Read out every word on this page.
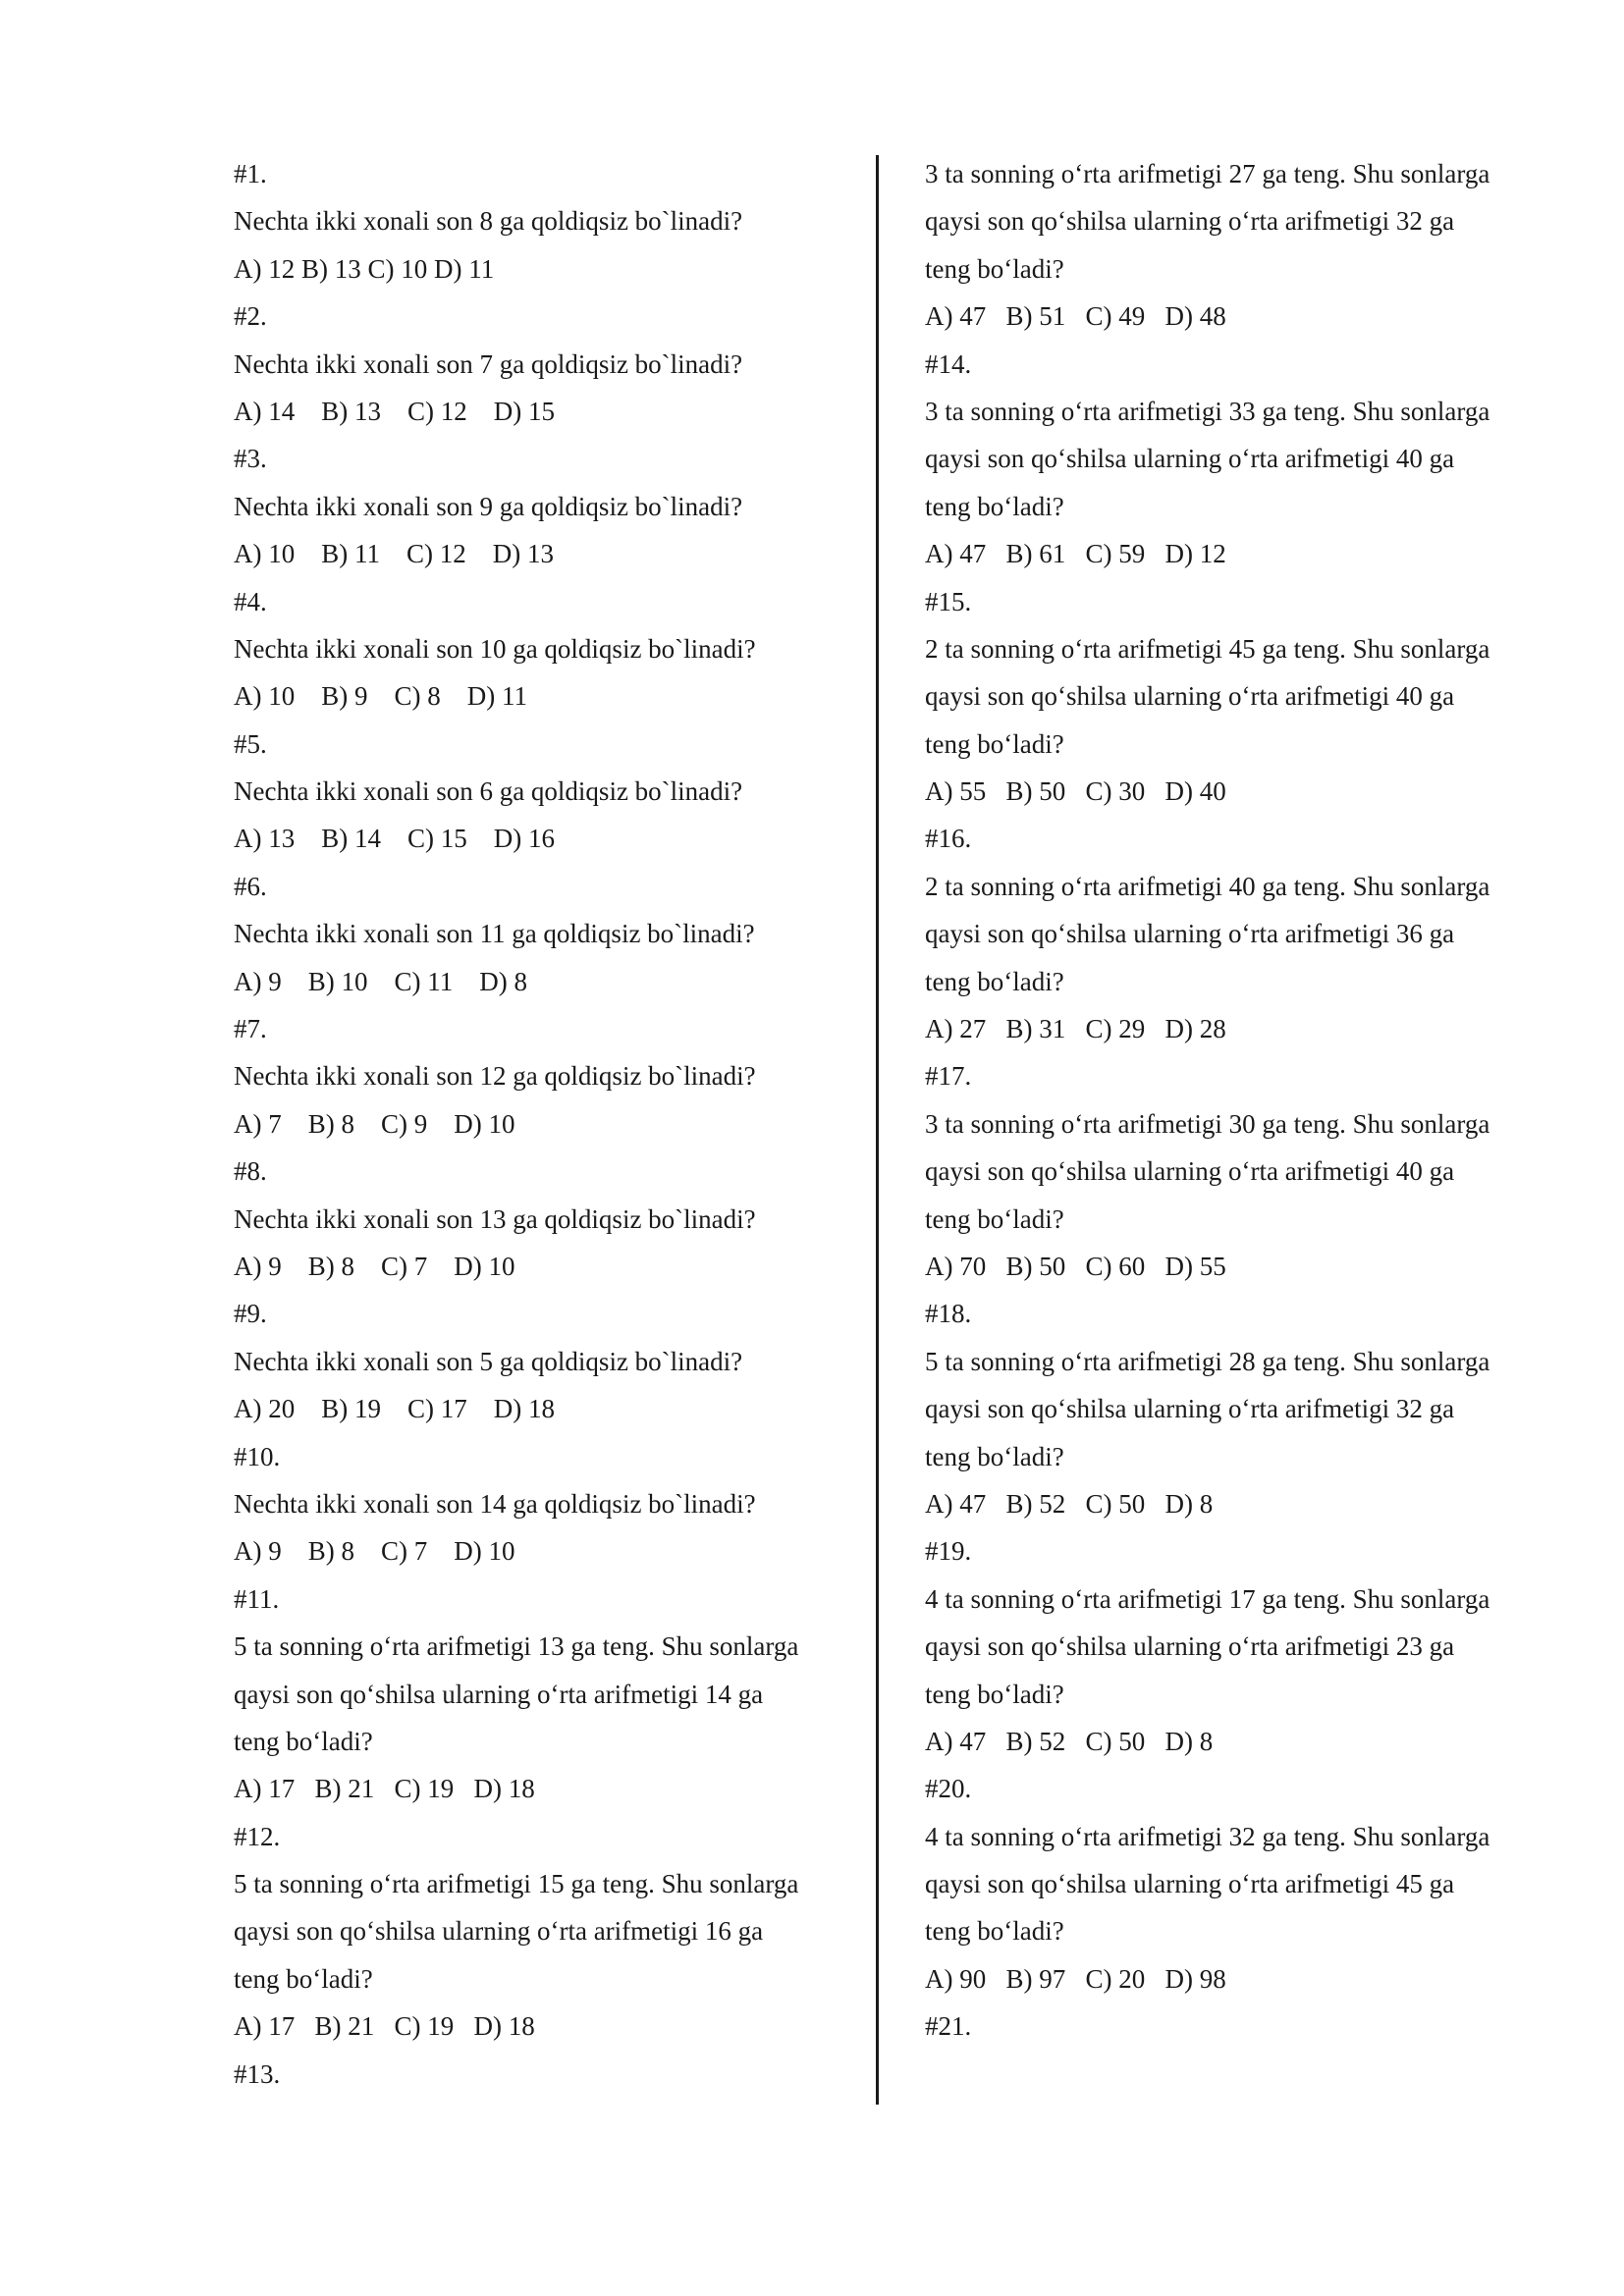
#1.
Nechta ikki xonali son 8 ga qoldiqsiz bo`linadi?
A) 12 B) 13 C) 10 D) 11
#2.
Nechta ikki xonali son 7 ga qoldiqsiz bo`linadi?
A) 14    B) 13    C) 12    D) 15
#3.
Nechta ikki xonali son 9 ga qoldiqsiz bo`linadi?
A) 10    B) 11    C) 12    D) 13
#4.
Nechta ikki xonali son 10 ga qoldiqsiz bo`linadi?
A) 10    B) 9    C) 8    D) 11
#5.
Nechta ikki xonali son 6 ga qoldiqsiz bo`linadi?
A) 13    B) 14    C) 15    D) 16
#6.
Nechta ikki xonali son 11 ga qoldiqsiz bo`linadi?
A) 9    B) 10    C) 11    D) 8
#7.
Nechta ikki xonali son 12 ga qoldiqsiz bo`linadi?
A) 7    B) 8    C) 9    D) 10
#8.
Nechta ikki xonali son 13 ga qoldiqsiz bo`linadi?
A) 9    B) 8    C) 7    D) 10
#9.
Nechta ikki xonali son 5 ga qoldiqsiz bo`linadi?
A) 20    B) 19    C) 17    D) 18
#10.
Nechta ikki xonali son 14 ga qoldiqsiz bo`linadi?
A) 9    B) 8    C) 7    D) 10
#11.
5 ta sonning o‘rta arifmetigi 13 ga teng. Shu sonlarga
qaysi son qo‘shilsa ularning o‘rta arifmetigi 14 ga
teng bo‘ladi?
A) 17   B) 21   C) 19   D) 18
#12.
5 ta sonning o‘rta arifmetigi 15 ga teng. Shu sonlarga
qaysi son qo‘shilsa ularning o‘rta arifmetigi 16 ga
teng bo‘ladi?
A) 17   B) 21   C) 19   D) 18
#13.
3 ta sonning o‘rta arifmetigi 27 ga teng. Shu sonlarga
qaysi son qo‘shilsa ularning o‘rta arifmetigi 32 ga
teng bo‘ladi?
A) 47   B) 51   C) 49   D) 48
#14.
3 ta sonning o‘rta arifmetigi 33 ga teng. Shu sonlarga
qaysi son qo‘shilsa ularning o‘rta arifmetigi 40 ga
teng bo‘ladi?
A) 47   B) 61   C) 59   D) 12
#15.
2 ta sonning o‘rta arifmetigi 45 ga teng. Shu sonlarga
qaysi son qo‘shilsa ularning o‘rta arifmetigi 40 ga
teng bo‘ladi?
A) 55   B) 50   C) 30   D) 40
#16.
2 ta sonning o‘rta arifmetigi 40 ga teng. Shu sonlarga
qaysi son qo‘shilsa ularning o‘rta arifmetigi 36 ga
teng bo‘ladi?
A) 27   B) 31   C) 29   D) 28
#17.
3 ta sonning o‘rta arifmetigi 30 ga teng. Shu sonlarga
qaysi son qo‘shilsa ularning o‘rta arifmetigi 40 ga
teng bo‘ladi?
A) 70   B) 50   C) 60   D) 55
#18.
5 ta sonning o‘rta arifmetigi 28 ga teng. Shu sonlarga
qaysi son qo‘shilsa ularning o‘rta arifmetigi 32 ga
teng bo‘ladi?
A) 47   B) 52   C) 50   D) 8
#19.
4 ta sonning o‘rta arifmetigi 17 ga teng. Shu sonlarga
qaysi son qo‘shilsa ularning o‘rta arifmetigi 23 ga
teng bo‘ladi?
A) 47   B) 52   C) 50   D) 8
#20.
4 ta sonning o‘rta arifmetigi 32 ga teng. Shu sonlarga
qaysi son qo‘shilsa ularning o‘rta arifmetigi 45 ga
teng bo‘ladi?
A) 90   B) 97   C) 20   D) 98
#21.
